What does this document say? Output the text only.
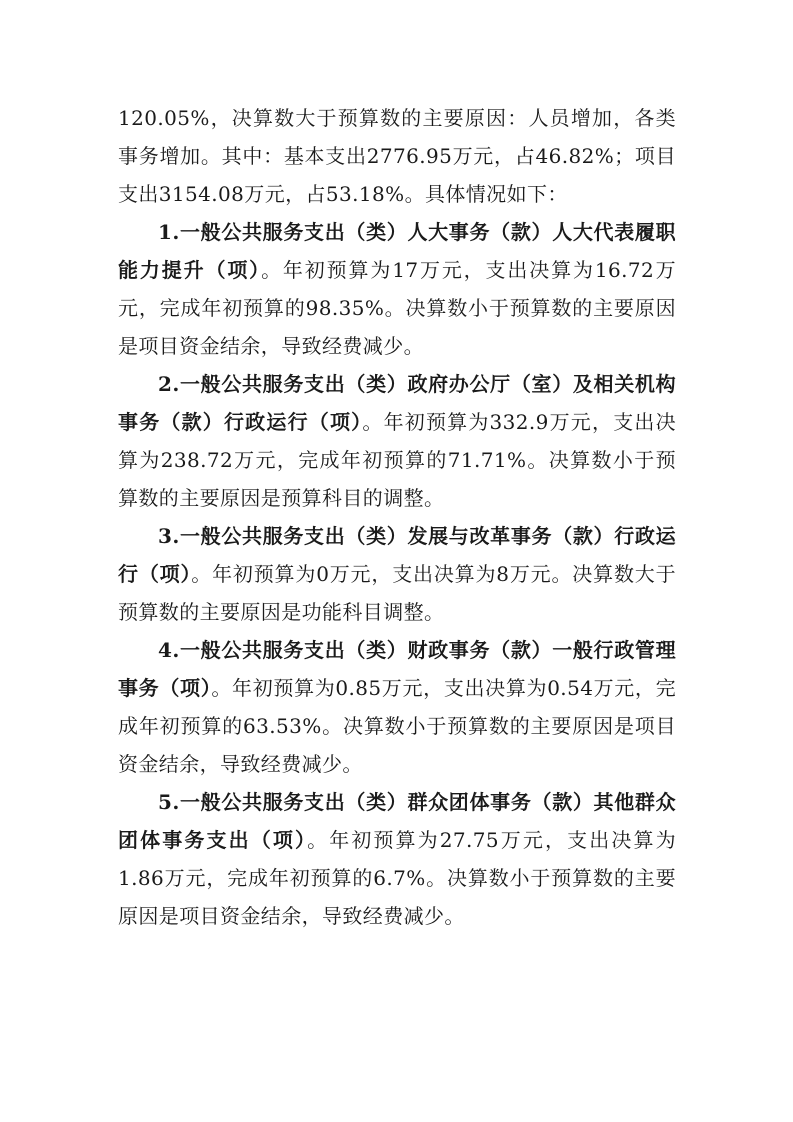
120.05%，决算数大于预算数的主要原因：人员增加，各类事务增加。其中：基本支出2776.95万元，占46.82%；项目支出3154.08万元，占53.18%。具体情况如下：

1.一般公共服务支出（类）人大事务（款）人大代表履职能力提升（项）。年初预算为17万元，支出决算为16.72万元，完成年初预算的98.35%。决算数小于预算数的主要原因是项目资金结余，导致经费减少。

2.一般公共服务支出（类）政府办公厅（室）及相关机构事务（款）行政运行（项）。年初预算为332.9万元，支出决算为238.72万元，完成年初预算的71.71%。决算数小于预算数的主要原因是预算科目的调整。

3.一般公共服务支出（类）发展与改革事务（款）行政运行（项）。年初预算为0万元，支出决算为8万元。决算数大于预算数的主要原因是功能科目调整。

4.一般公共服务支出（类）财政事务（款）一般行政管理事务（项）。年初预算为0.85万元，支出决算为0.54万元，完成年初预算的63.53%。决算数小于预算数的主要原因是项目资金结余，导致经费减少。

5.一般公共服务支出（类）群众团体事务（款）其他群众团体事务支出（项）。年初预算为27.75万元，支出决算为1.86万元，完成年初预算的6.7%。决算数小于预算数的主要原因是项目资金结余，导致经费减少。
